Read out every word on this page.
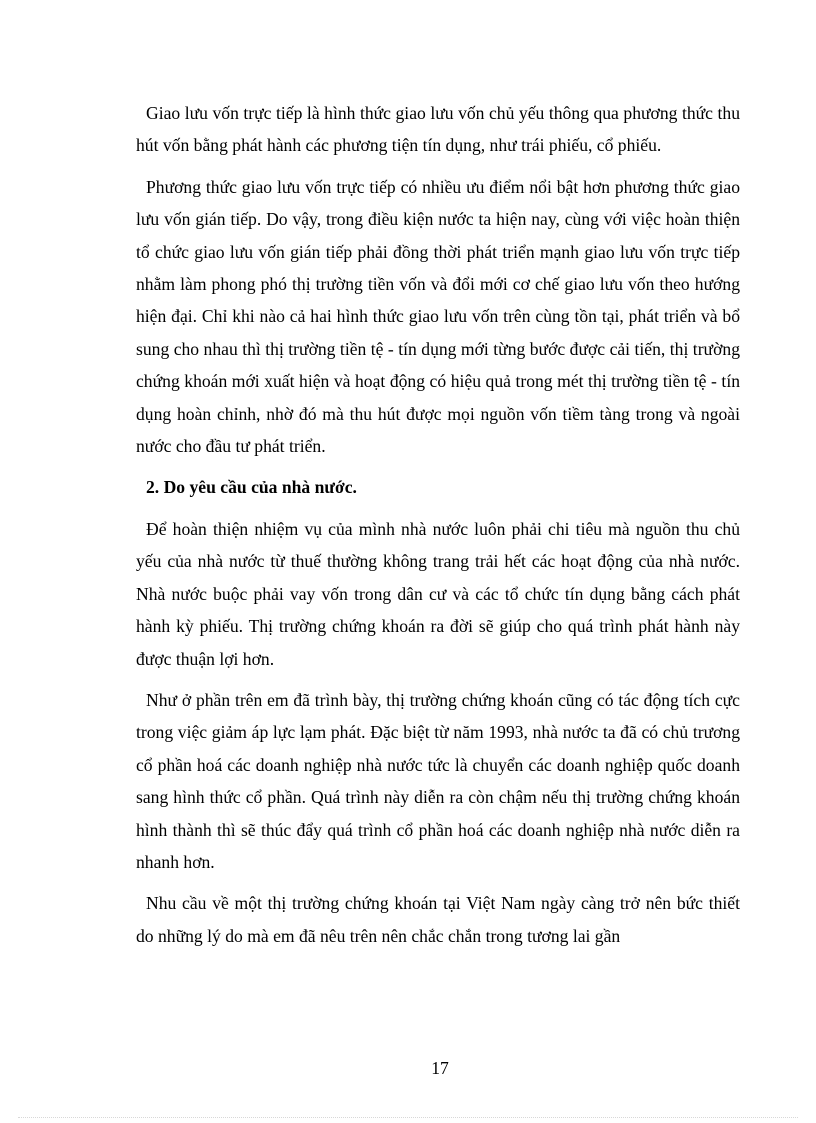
Giao lưu vốn trực tiếp là hình thức giao lưu vốn chủ yếu thông qua phương thức thu hút vốn bằng phát hành các phương tiện tín dụng, như trái phiếu, cổ phiếu.

Phương thức giao lưu vốn trực tiếp có nhiều ưu điểm nổi bật hơn phương thức giao lưu vốn gián tiếp. Do vậy, trong điều kiện nước ta hiện nay, cùng với việc hoàn thiện tổ chức giao lưu vốn gián tiếp phải đồng thời phát triển mạnh giao lưu vốn trực tiếp nhằm làm phong phó thị trường tiền vốn và đổi mới cơ chế giao lưu vốn theo hướng hiện đại. Chỉ khi nào cả hai hình thức giao lưu vốn trên cùng tồn tại, phát triển và bổ sung cho nhau thì thị trường tiền tệ - tín dụng mới từng bước được cải tiến, thị trường chứng khoán mới xuất hiện và hoạt động có hiệu quả trong mét thị trường tiền tệ - tín dụng hoàn chỉnh, nhờ đó mà thu hút được mọi nguồn vốn tiềm tàng trong và ngoài nước cho đầu tư phát triển.

2. Do yêu cầu của nhà nước.

Để hoàn thiện nhiệm vụ của mình nhà nước luôn phải chi tiêu mà nguồn thu chủ yếu của nhà nước từ thuế thường không trang trải hết các hoạt động của nhà nước. Nhà nước buộc phải vay vốn trong dân cư và các tổ chức tín dụng bằng cách phát hành kỳ phiếu. Thị trường chứng khoán ra đời sẽ giúp cho quá trình phát hành này được thuận lợi hơn.

Như ở phần trên em đã trình bày, thị trường chứng khoán cũng có tác động tích cực trong việc giảm áp lực lạm phát. Đặc biệt từ năm 1993, nhà nước ta đã có chủ trương cổ phần hoá các doanh nghiệp nhà nước tức là chuyển các doanh nghiệp quốc doanh sang hình thức cổ phần. Quá trình này diễn ra còn chậm nếu thị trường chứng khoán hình thành thì sẽ thúc đẩy quá trình cổ phần hoá các doanh nghiệp nhà nước diễn ra nhanh hơn.

Nhu cầu về một thị trường chứng khoán tại Việt Nam ngày càng trở nên bức thiết do những lý do mà em đã nêu trên nên chắc chắn trong tương lai gần

17
